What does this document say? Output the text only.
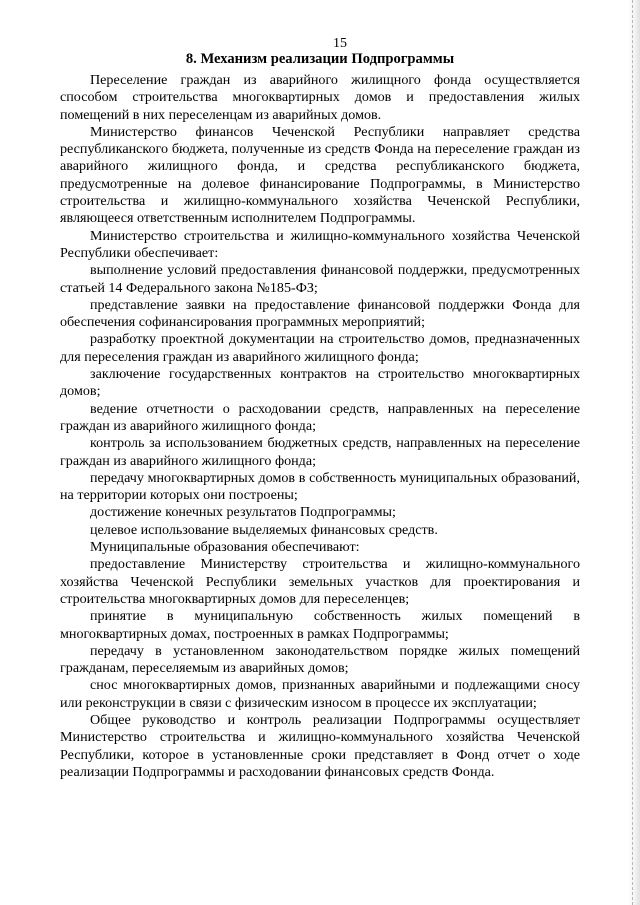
15
8. Механизм реализации Подпрограммы

Переселение граждан из аварийного жилищного фонда осуществляется способом строительства многоквартирных домов и предоставления жилых помещений в них переселенцам из аварийных домов.

Министерство финансов Чеченской Республики направляет средства республиканского бюджета, полученные из средств Фонда на переселение граждан из аварийного жилищного фонда, и средства республиканского бюджета, предусмотренные на долевое финансирование Подпрограммы, в Министерство строительства и жилищно-коммунального хозяйства Чеченской Республики, являющееся ответственным исполнителем Подпрограммы.

Министерство строительства и жилищно-коммунального хозяйства Чеченской Республики обеспечивает:

выполнение условий предоставления финансовой поддержки, предусмотренных статьей 14 Федерального закона №185-ФЗ;

представление заявки на предоставление финансовой поддержки Фонда для обеспечения софинансирования программных мероприятий;

разработку проектной документации на строительство домов, предназначенных для переселения граждан из аварийного жилищного фонда;

заключение государственных контрактов на строительство многоквартирных домов;

ведение отчетности о расходовании средств, направленных на переселение граждан из аварийного жилищного фонда;

контроль за использованием бюджетных средств, направленных на переселение граждан из аварийного жилищного фонда;

передачу многоквартирных домов в собственность муниципальных образований, на территории которых они построены;

достижение конечных результатов Подпрограммы;

целевое использование выделяемых финансовых средств.

Муниципальные образования обеспечивают:

предоставление Министерству строительства и жилищно-коммунального хозяйства Чеченской Республики земельных участков для проектирования и строительства многоквартирных домов для переселенцев;

принятие в муниципальную собственность жилых помещений в многоквартирных домах, построенных в рамках Подпрограммы;

передачу в установленном законодательством порядке жилых помещений гражданам, переселяемым из аварийных домов;

снос многоквартирных домов, признанных аварийными и подлежащими сносу или реконструкции в связи с физическим износом в процессе их эксплуатации;

Общее руководство и контроль реализации Подпрограммы осуществляет Министерство строительства и жилищно-коммунального хозяйства Чеченской Республики, которое в установленные сроки представляет в Фонд отчет о ходе реализации Подпрограммы и расходовании финансовых средств Фонда.
